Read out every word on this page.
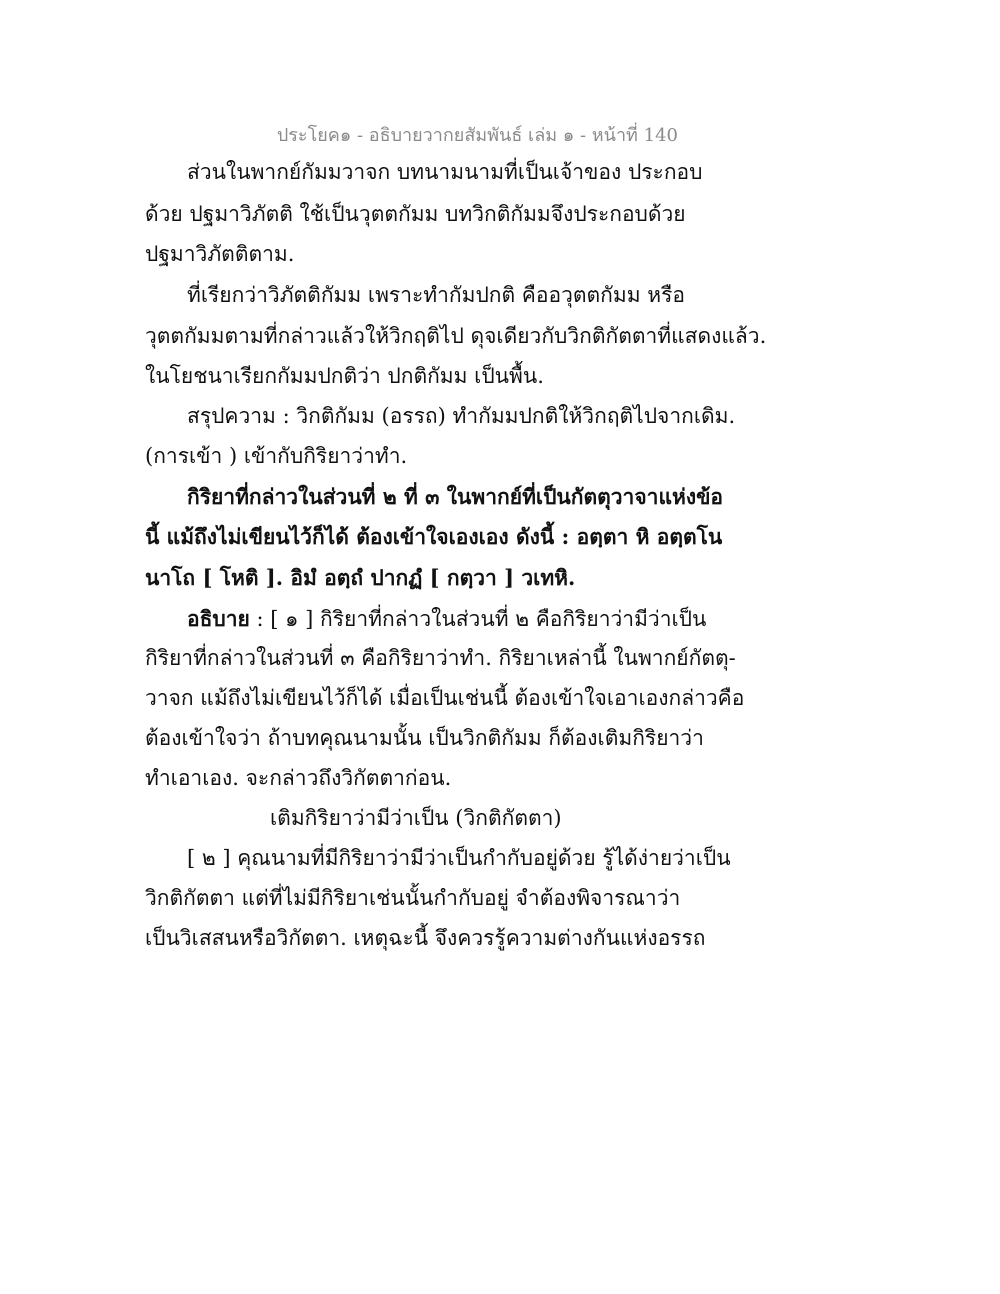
ประโยค๑ - อธิบายวากยสัมพันธ์ เล่ม ๑ - หน้าที่ 140
ส่วนในพากย์กัมมวาจก บทนามนามที่เป็นเจ้าของ ประกอบ
ด้วย ปฐมาวิภัตติ ใช้เป็นวุตตกัมม บทวิกติกัมมจึงประกอบด้วย
ปฐมาวิภัตติตาม.
ที่เรียกว่าวิภัตติกัมม เพราะทำกัมปกติ คืออวุตตกัมม หรือ
วุตตกัมมตามที่กล่าวแล้วให้วิกฤติไป ดุจเดียวกับวิกติกัตตาที่แสดงแล้ว.
ในโยชนาเรียกกัมมปกติว่า ปกติกัมม เป็นพื้น.
สรุปความ : วิกติกัมม (อรรถ) ทำกัมมปกติให้วิกฤติไปจากเดิม.
(การเข้า ) เข้ากับกิริยาว่าทำ.
กิริยาที่กล่าวในส่วนที่ ๒ ที่ ๓ ในพากย์ที่เป็นกัตตุวาจาแห่งข้อ
นี้ แม้ถึงไม่เขียนไว้ก็ได้ ต้องเข้าใจเองเอง ดังนี้ : อตฺตา หิ อตฺตโน
นาโถ [ โหติ ]. อิมํ อตฺถํ ปากฏํ [ กตฺวา ] วเทหิ.
อธิบาย : [ ๑ ] กิริยาที่กล่าวในส่วนที่ ๒ คือกิริยาว่ามีว่าเป็น
กิริยาที่กล่าวในส่วนที่ ๓ คือกิริยาว่าทำ. กิริยาเหล่านี้ ในพากย์กัตตุ-
วาจก แม้ถึงไม่เขียนไว้ก็ได้ เมื่อเป็นเช่นนี้ ต้องเข้าใจเอาเองกล่าวคือ
ต้องเข้าใจว่า ถ้าบทคุณนามนั้น เป็นวิกติกัมม ก็ต้องเติมกิริยาว่า
ทำเอาเอง. จะกล่าวถึงวิกัตตาก่อน.
เติมกิริยาว่ามีว่าเป็น (วิกติกัตตา)
[ ๒ ] คุณนามที่มีกิริยาว่ามีว่าเป็นกำกับอยู่ด้วย รู้ได้ง่ายว่าเป็น
วิกติกัตตา แต่ที่ไม่มีกิริยาเช่นนั้นกำกับอยู่ จำต้องพิจารณาว่า
เป็นวิเสสนหรือวิกัตตา. เหตุฉะนี้ จึงควรรู้ความต่างกันแห่งอรรถ
